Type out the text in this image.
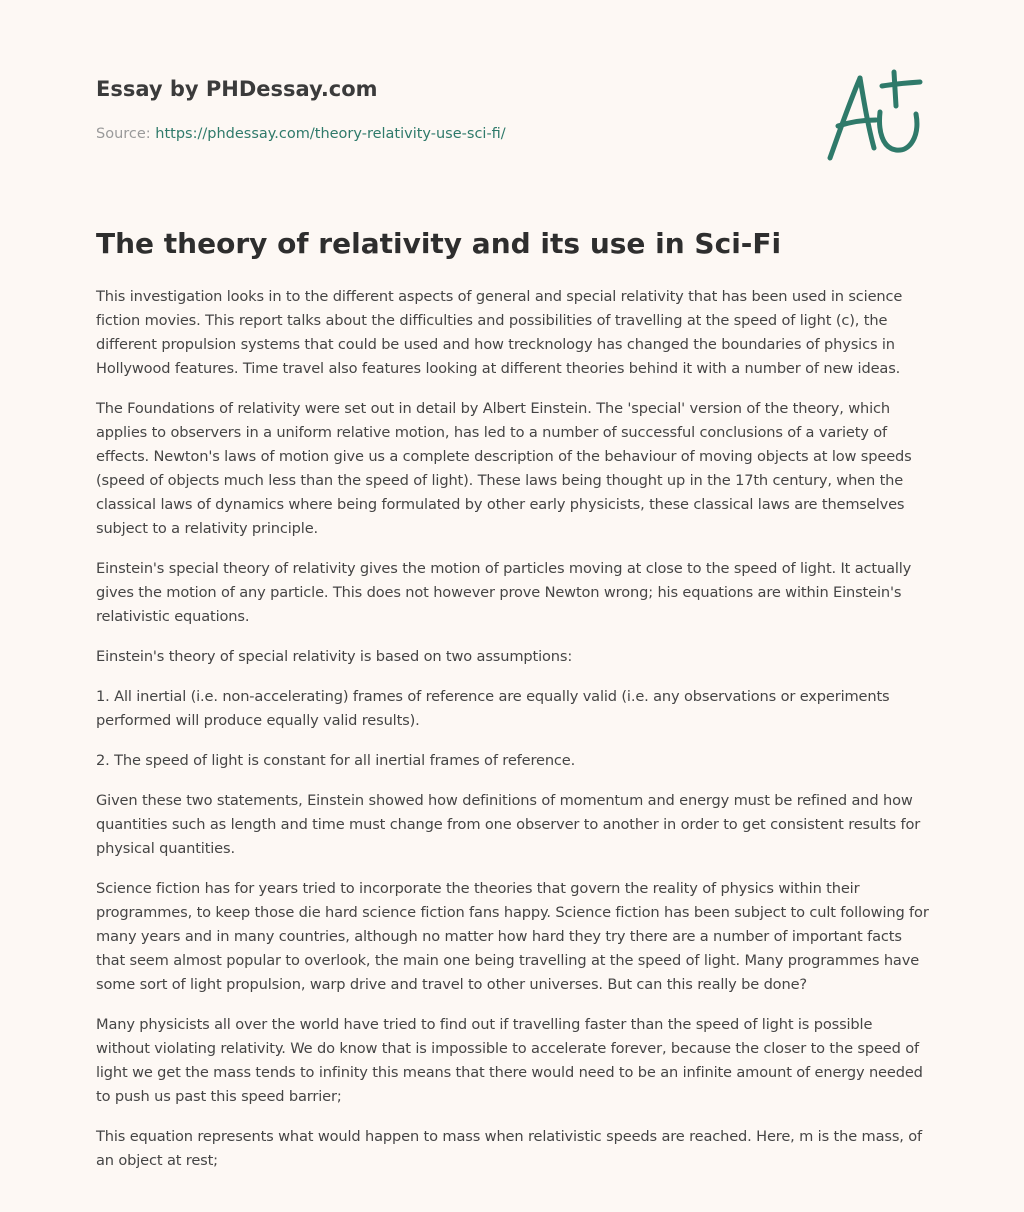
Essay by PHDessay.com
Source: https://phdessay.com/theory-relativity-use-sci-fi/
The theory of relativity and its use in Sci-Fi

This investigation looks in to the different aspects of general and special relativity that has been used in science fiction movies. This report talks about the difficulties and possibilities of travelling at the speed of light (c), the different propulsion systems that could be used and how trecknology has changed the boundaries of physics in Hollywood features. Time travel also features looking at different theories behind it with a number of new ideas.

The Foundations of relativity were set out in detail by Albert Einstein. The 'special' version of the theory, which applies to observers in a uniform relative motion, has led to a number of successful conclusions of a variety of effects. Newton's laws of motion give us a complete description of the behaviour of moving objects at low speeds (speed of objects much less than the speed of light). These laws being thought up in the 17th century, when the classical laws of dynamics where being formulated by other early physicists, these classical laws are themselves subject to a relativity principle.

Einstein's special theory of relativity gives the motion of particles moving at close to the speed of light. It actually gives the motion of any particle. This does not however prove Newton wrong; his equations are within Einstein's relativistic equations.

Einstein's theory of special relativity is based on two assumptions:

1. All inertial (i.e. non-accelerating) frames of reference are equally valid (i.e. any observations or experiments performed will produce equally valid results).

2. The speed of light is constant for all inertial frames of reference.

Given these two statements, Einstein showed how definitions of momentum and energy must be refined and how quantities such as length and time must change from one observer to another in order to get consistent results for physical quantities.

Science fiction has for years tried to incorporate the theories that govern the reality of physics within their programmes, to keep those die hard science fiction fans happy. Science fiction has been subject to cult following for many years and in many countries, although no matter how hard they try there are a number of important facts that seem almost popular to overlook, the main one being travelling at the speed of light. Many programmes have some sort of light propulsion, warp drive and travel to other universes. But can this really be done?

Many physicists all over the world have tried to find out if travelling faster than the speed of light is possible without violating relativity. We do know that is impossible to accelerate forever, because the closer to the speed of light we get the mass tends to infinity this means that there would need to be an infinite amount of energy needed to push us past this speed barrier;

This equation represents what would happen to mass when relativistic speeds are reached. Here, m is the mass, of an object at rest;
